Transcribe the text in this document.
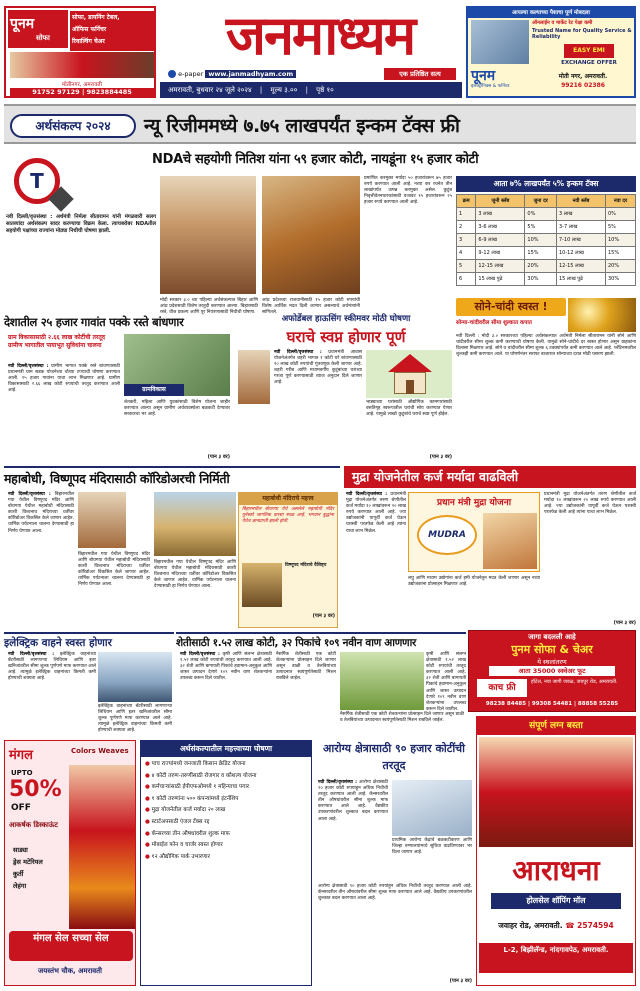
पूनम
सोफा
सोफा, डायनिंग टेबल,
ऑफिस फर्निचर
रिवाल्विंग चेअर
मोतीनगर, अमरावती
91752 97129 | 9823884485
जनमाध्यम
e-paper www.janmadhyam.com	एक प्रतिष्ठित सत्य
अमरावती, बुधवार २४ जूले २०२४ | मूल्य ३.०० | पृष्ठे १०
आपल्या कल्याच्या पैशाचा पूर्ण मोबदला
ऑनलाईन व मार्केट रेट पेक्षा कमी
Trusted Name for Quality Service & Reliability
पूनम
इलेक्ट्रॉनिक्स & फर्निचर
EASY EMI
EXCHANGE OFFER
मोती नगर, अमरावती.
99216 02386
अर्थसंकल्प २०२४	न्यू रिजीममध्ये ७.७५ लाखपर्यंत इन्कम टॅक्स फ्री
NDAचे सहयोगी नितिश यांना ५९ हजार कोटी, नायडूंना १५ हजार कोटी
T
नवी दिल्ली/वृत्तसंस्था : अर्थमंत्री निर्मला सीतारामन यांनी मंगळवारी सलग सातव्यांदा अर्थसंकल्प सादर करण्याचा विक्रम केला. त्याचबरोबर NDAतील सहयोगी पक्षांच्या राज्यांना मोठ्या निधीची घोषणा झाली.
मोदी सरकार ३.० च्या पहिल्या अर्थसंकल्पात बिहार आणि आंध्र प्रदेशसाठी विशेष तरतुदी करण्यात आल्या. बिहारसाठी रस्ते, वीज प्रकल्प आणि पूर नियंत्रणासाठी निधीची घोषणा.
आंध्र प्रदेशच्या राजधानीसाठी १५ हजार कोटी रुपयांची विशेष आर्थिक मदत दिली जाणार असल्याचे अर्थमंत्र्यांनी सांगितले.
प्रमाणित करमुक्त मर्यादा ५० हजारांवरून ७५ हजार रुपये करण्यात आली आहे. नव्या कर रचनेत तीन लाखांपर्यंत उत्पन्न करमुक्त असेल. कुटुंब निवृत्तीवेतनधारकांसाठी वजावट १५ हजारांवरून २५ हजार रुपये करण्यात आली आहे.
आता ७% लाखपर्यंत ५% इन्कम टॅक्स
क्रम	जुनी स्लॅब	जुना दर	नवी स्लॅब	नवा दर
1	3 लाख	0%	3 लाख	0%
2	3-6 लाख	5%	3-7 लाख	5%
3	6-9 लाख	10%	7-10 लाख	10%
4	9-12 लाख	15%	10-12 लाख	15%
5	12-15 लाख	20%	12-15 लाख	20%
6	15 लाख पुढे	30%	15 लाख पुढे	30%
सोने-चांदी स्वस्त !
सोन्या-चांदीवरील सीमा शुल्कात कपात
नवी दिल्ली : मोदी ३.० सरकारच्या पहिल्या अर्थसंकल्पात अर्थमंत्री निर्मला सीतारामन यांनी सोने आणि चांदीवरील सीमा शुल्क कमी करण्याची घोषणा केली. यामुळे सोने-चांदीचे दर स्वस्त होणार असून ग्राहकांना दिलासा मिळणार आहे. सोने व चांदीवरील सीमा शुल्क ६ टक्क्यांपर्यंत कमी करण्यात आले आहे. प्लॅटिनमवरील शुल्कही कमी करण्यात आले. या घोषणेनंतर सराफा बाजारात सोन्याच्या दरात मोठी घसरण झाली.
देशातील २५ हजार गावांत पक्के रस्ते बांधणार
ग्राम विकासासाठी २.६६ लाख कोटींची तरतूद ग्रामीण भागातील पायाभूत सुविधांना चालना
नवी दिल्ली/वृत्तसंस्था : ग्रामीण भागात पक्के रस्ते बांधण्यासाठी प्रधानमंत्री ग्राम सडक योजनेच्या चौथ्या टप्प्याची घोषणा करण्यात आली. २५ हजार गावांना याचा लाभ मिळणार आहे. ग्रामीण विकासासाठी २.६६ लाख कोटी रुपयांची तरतूद करण्यात आली आहे.	ग्रामविकास
शेतकरी, महिला आणि युवकांसाठी विशेष योजना जाहीर करण्यात आल्या असून ग्रामीण अर्थव्यवस्थेला बळकटी देण्यावर सरकारचा भर आहे.
(पान ३ वर)
अफोर्डेबल हाऊसिंग स्कीमवर मोठी घोषणा
घराचे स्वप्न होणार पूर्ण
नवी दिल्ली/वृत्तसंस्था : प्रधानमंत्री आवास योजनेअंतर्गत शहरी भागात १ कोटी घरे बांधण्यासाठी १० लाख कोटी रुपयांची गुंतवणूक केली जाणार आहे. शहरी गरीब आणि मध्यमवर्गीय कुटुंबांच्या घरांच्या गरजा पूर्ण करण्यासाठी व्याज अनुदान दिले जाणार आहे.
भाड्याच्या घरांसाठी औद्योगिक कामगारांसाठी वसतिगृह स्वरूपातील घरांची सोय करण्यात येणार आहे. यामुळे लाखो कुटुंबांचे घराचे स्वप्न पूर्ण होईल.
(पान ३ वर)
महाबोधी, विष्णूपद मंदिरासाठी कॉरिडोअरची निर्मिती
नवी दिल्ली/वृत्तसंस्था : बिहारमधील गया येथील विष्णूपद मंदिर आणि बोधगया येथील महाबोधी मंदिरासाठी काशी विश्वनाथ मंदिराच्या धर्तीवर कॉरिडोअर विकसित केले जाणार आहेत. धार्मिक पर्यटनाला चालना देण्यासाठी हा निर्णय घेण्यात आला.
बिहारमधील गया येथील विष्णूपद मंदिर आणि बोधगया येथील महाबोधी मंदिरासाठी काशी विश्वनाथ मंदिराच्या धर्तीवर कॉरिडोअर विकसित केले जाणार आहेत. धार्मिक पर्यटनाला चालना देण्यासाठी हा निर्णय घेण्यात आला.
बिहारमधील गया येथील विष्णूपद मंदिर आणि बोधगया येथील महाबोधी मंदिरासाठी काशी विश्वनाथ मंदिराच्या धर्तीवर कॉरिडोअर विकसित केले जाणार आहेत. धार्मिक पर्यटनाला चालना देण्यासाठी हा निर्णय घेण्यात आला.
महाबोधी मंदिराचे महत्त्व
बिहारमधील बोधगया येथे असलेले महाबोधी मंदिर युनेस्को जागतिक वारसा स्थळ आहे. भगवान बुद्धांना येथेच ज्ञानप्राप्ती झाली होती.
विष्णूपद मंदिराचे वैशिष्ट्य
(पान ३ वर)
मुद्रा योजनेतील कर्ज मर्यादा वाढविली
नवी दिल्ली/वृत्तसंस्था : प्रधानमंत्री मुद्रा योजनेअंतर्गत तरुण श्रेणीतील कर्ज मर्यादा १० लाखांवरून २० लाख रुपये करण्यात आली आहे. ज्या उद्योजकांनी यापूर्वी कर्ज घेऊन यशस्वी परतफेड केली आहे त्यांना याचा लाभ मिळेल.
प्रधान मंत्री मुद्रा योजना
MUDRA
लघु आणि मध्यम उद्योगांना कर्ज हमी योजनेतून मदत केली जाणार असून नव्या उद्योजकांना प्रोत्साहन मिळणार आहे.
प्रधानमंत्री मुद्रा योजनेअंतर्गत तरुण श्रेणीतील कर्ज मर्यादा १० लाखांवरून २० लाख रुपये करण्यात आली आहे. ज्या उद्योजकांनी यापूर्वी कर्ज घेऊन यशस्वी परतफेड केली आहे त्यांना याचा लाभ मिळेल.
(पान ३ वर)
इलेक्ट्रिक वाहने स्वस्त होणार
नवी दिल्ली/वृत्तसंस्था : इलेक्ट्रिक वाहनांच्या बॅटरीसाठी लागणाऱ्या लिथियम आणि इतर खनिजांवरील सीमा शुल्क पूर्णपणे माफ करण्यात आले आहे. त्यामुळे इलेक्ट्रिक वाहनांच्या किमती कमी होण्याची शक्यता आहे.
इलेक्ट्रिक वाहनांच्या बॅटरीसाठी लागणाऱ्या लिथियम आणि इतर खनिजांवरील सीमा शुल्क पूर्णपणे माफ करण्यात आले आहे. त्यामुळे इलेक्ट्रिक वाहनांच्या किमती कमी होण्याची शक्यता आहे.
शेतीसाठी १.५२ लाख कोटी, ३२ पिकांचे १०९ नवीन वाण आणणार
नवी दिल्ली/वृत्तसंस्था : कृषी आणि संलग्न क्षेत्रासाठी १.५२ लाख कोटी रुपयांची तरतूद करण्यात आली आहे. ३२ शेती आणि बागायती पिकांचे हवामान-अनुकूल आणि जास्त उत्पादन देणारे १०९ नवीन वाण शेतकऱ्यांना उपलब्ध करून दिले जातील.
नैसर्गिक शेतीसाठी एक कोटी शेतकऱ्यांना प्रोत्साहन दिले जाणार असून डाळी व तेलबियांच्या उत्पादनात स्वयंपूर्णतेसाठी मिशन राबविले जाईल.
नैसर्गिक शेतीसाठी एक कोटी शेतकऱ्यांना प्रोत्साहन दिले जाणार असून डाळी व तेलबियांच्या उत्पादनात स्वयंपूर्णतेसाठी मिशन राबविले जाईल.
कृषी आणि संलग्न क्षेत्रासाठी १.५२ लाख कोटी रुपयांची तरतूद करण्यात आली आहे. ३२ शेती आणि बागायती पिकांचे हवामान-अनुकूल आणि जास्त उत्पादन देणारे १०९ नवीन वाण शेतकऱ्यांना उपलब्ध करून दिले जातील.
जागा बदलली आहे
पुनम सोफा & चेअर
ये स्थलांतरण
आता 35000 स्क्वेअर फूट
काच फ्री
हॉटेल, नवा जागी जवळ, जयपुर रोड, अमरावती.
98238 84485 | 99308 54481 | 88858 55285
मंगल	Colors Weaves
UPTO
50%
OFF
आकर्षक डिस्काऊंट
साड्या
ड्रेस मटेरियल
कुर्ती
लेहंगा
मंगल सेल सच्चा सेल
जयस्तंभ चौक, अमरावती
अर्थसंकल्पातील महत्त्वाच्या घोषणा
● पाच राज्यांमध्ये जनजाती किसान क्रेडिट योजना
● ४ कोटी तरुण-तरुणींसाठी रोजगार व कौशल्य योजना
● कर्मचाऱ्यांसाठी ईपीएफओमध्ये १ महिन्याचा पगार
● १ कोटी तरुणांना ५०० कंपन्यांमध्ये इंटर्नशिप
● मुद्रा योजनेतील कर्ज मर्यादा २० लाख
● स्टार्टअपसाठी एंजल टॅक्स रद्द
● कॅन्सरच्या तीन औषधांवरील शुल्क माफ
● मोबाईल फोन व चार्जर स्वस्त होणार
● १२ औद्योगिक पार्क उभारणार
आरोग्य क्षेत्रासाठी ९० हजार कोटींची तरतूद
नवी दिल्ली/वृत्तसंस्था : आरोग्य क्षेत्रासाठी ९० हजार कोटी रुपयांहून अधिक निधीची तरतूद करण्यात आली आहे. कॅन्सरवरील तीन औषधांवरील सीमा शुल्क माफ करण्यात आले आहे. वैद्यकीय उपकरणांवरील शुल्कात बदल करण्यात आला आहे.
प्राथमिक आरोग्य केंद्रांचे बळकटीकरण आणि जिल्हा रुग्णालयांमध्ये सुविधा वाढविण्यावर भर दिला जाणार आहे.
आरोग्य क्षेत्रासाठी ९० हजार कोटी रुपयांहून अधिक निधीची तरतूद करण्यात आली आहे. कॅन्सरवरील तीन औषधांवरील सीमा शुल्क माफ करण्यात आले आहे. वैद्यकीय उपकरणांवरील शुल्कात बदल करण्यात आला आहे.
(पान ३ वर)
संपूर्ण लग्न बस्ता
आराधना
होलसेल शॉपिंग मॉल
जवाहर रोड, अमरावती. ☎ 2574594
L-2, बिझीलॅन्ड, नांदगावपेठ, अमरावती.
